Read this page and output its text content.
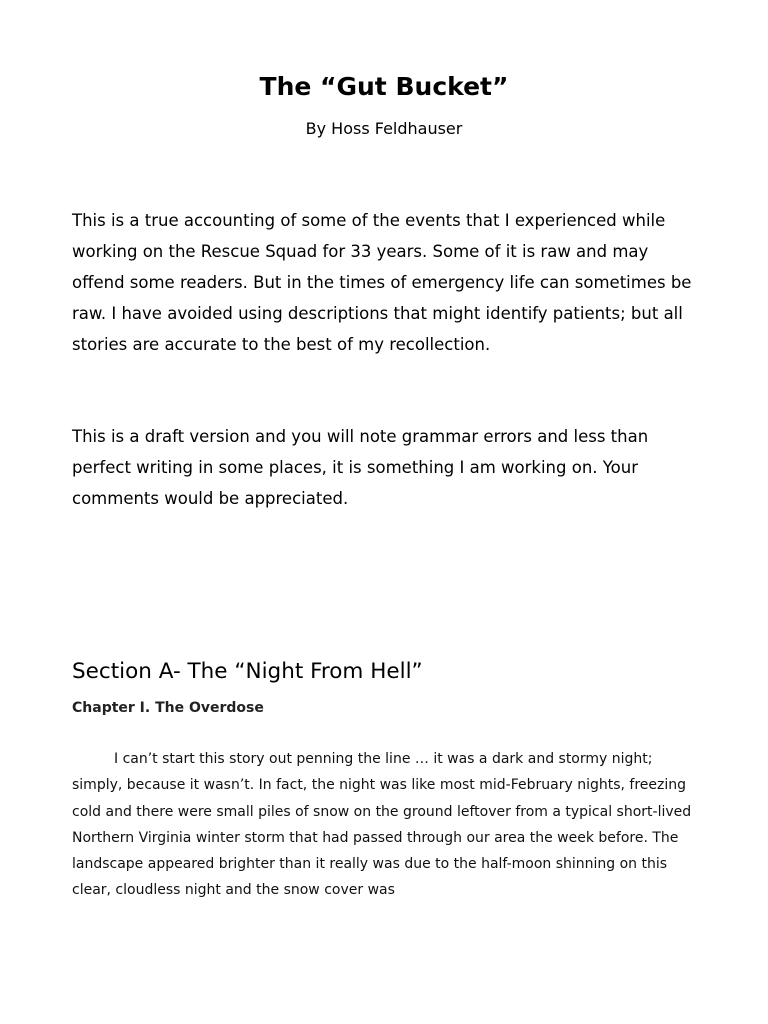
The “Gut Bucket”

By Hoss Feldhauser

This is a true accounting of some of the events that I experienced while working on the Rescue Squad for 33 years. Some of it is raw and may offend some readers. But in the times of emergency life can sometimes be raw. I have avoided using descriptions that might identify patients; but all stories are accurate to the best of my recollection.

This is a draft version and you will note grammar errors and less than perfect writing in some places, it is something I am working on. Your comments would be appreciated.

Section A- The “Night From Hell”
Chapter I. The Overdose

I can’t start this story out penning the line … it was a dark and stormy night; simply, because it wasn’t. In fact, the night was like most mid-February nights, freezing cold and there were small piles of snow on the ground leftover from a typical short-lived Northern Virginia winter storm that had passed through our area the week before. The landscape appeared brighter than it really was due to the half-moon shinning on this clear, cloudless night and the snow cover was
